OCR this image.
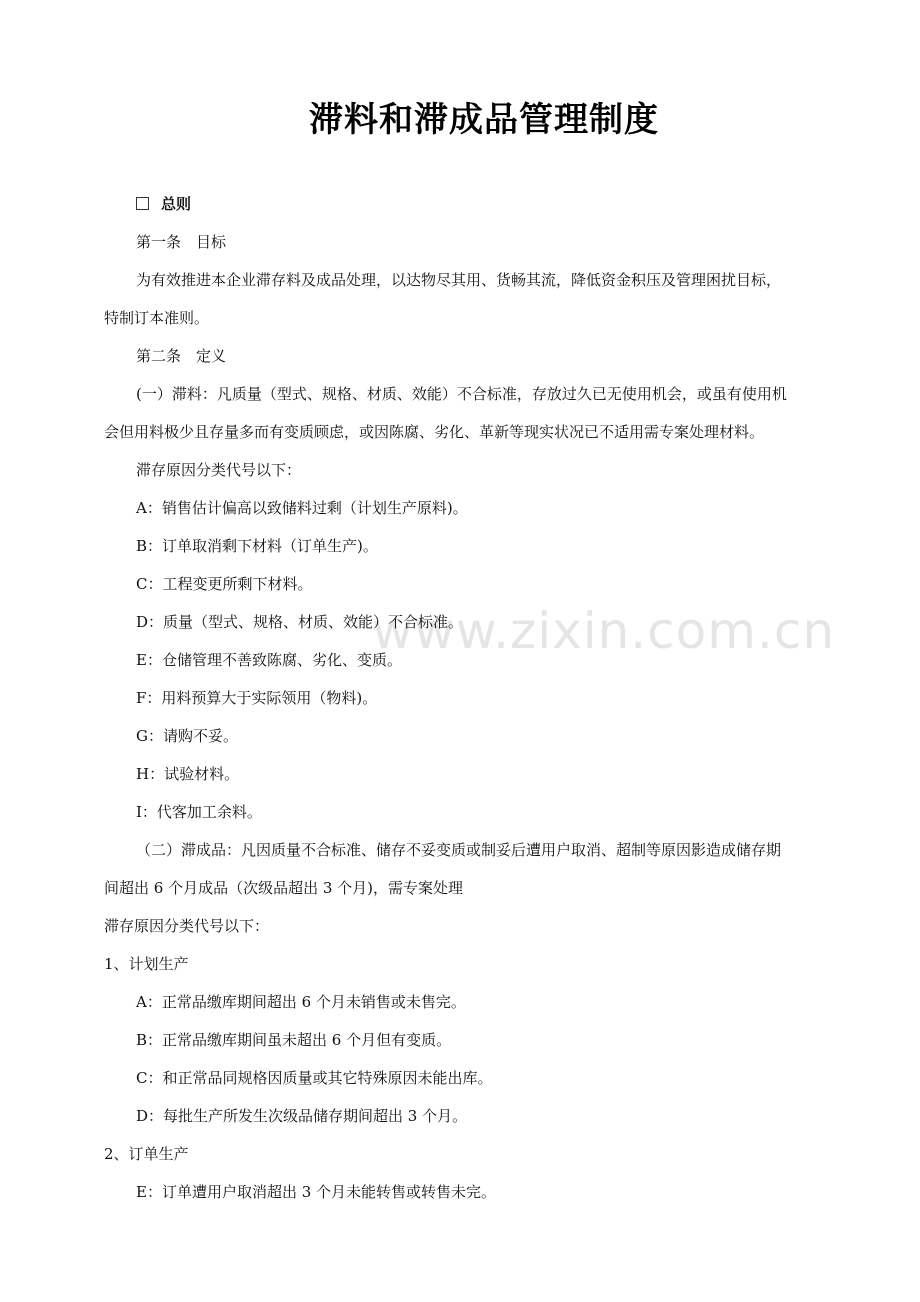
www.zixin.com.cn
滞料和滞成品管理制度
总则
第一条　目标
为有效推进本企业滞存料及成品处理，以达物尽其用、货畅其流，降低资金积压及管理困扰目标，
特制订本准则。
第二条　定义
(一）滞料：凡质量（型式、规格、材质、效能）不合标准，存放过久已无使用机会，或虽有使用机
会但用料极少且存量多而有变质顾虑，或因陈腐、劣化、革新等现实状况已不适用需专案处理材料。
滞存原因分类代号以下：
A：销售估计偏高以致储料过剩（计划生产原料)。
B：订单取消剩下材料（订单生产)。
C：工程变更所剩下材料。
D：质量（型式、规格、材质、效能）不合标准。
E：仓储管理不善致陈腐、劣化、变质。
F：用料预算大于实际领用（物料)。
G：请购不妥。
H：试验材料。
I：代客加工余料。
（二）滞成品：凡因质量不合标准、储存不妥变质或制妥后遭用户取消、超制等原因影造成储存期
间超出 6 个月成品（次级品超出 3 个月)，需专案处理
滞存原因分类代号以下：
1、计划生产
A：正常品缴库期间超出 6 个月未销售或未售完。
B：正常品缴库期间虽未超出 6 个月但有变质。
C：和正常品同规格因质量或其它特殊原因未能出库。
D：每批生产所发生次级品储存期间超出 3 个月。
2、订单生产
E：订单遭用户取消超出 3 个月未能转售或转售未完。
